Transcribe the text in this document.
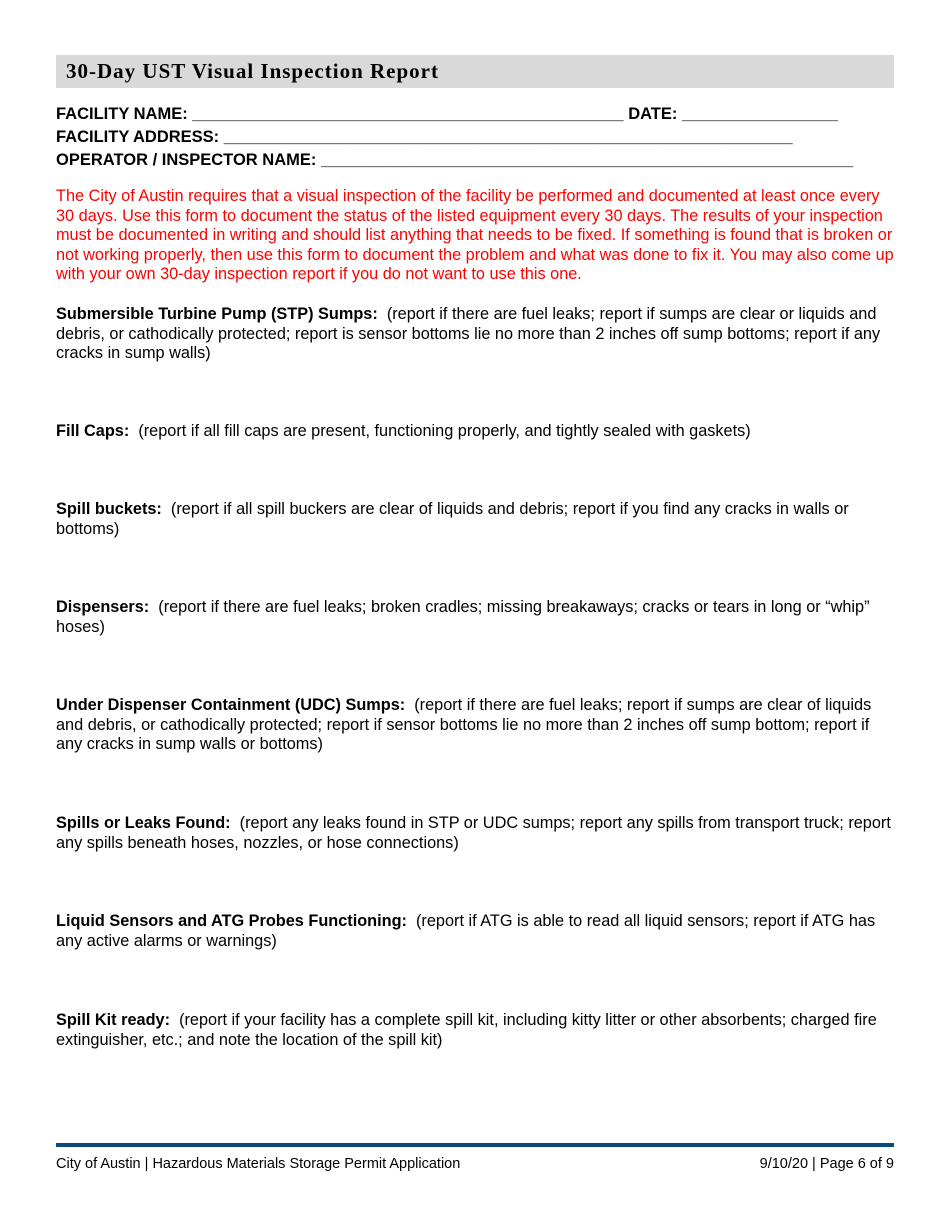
30-Day UST Visual Inspection Report
FACILITY NAME: _______________________________________________ DATE: _________________
FACILITY ADDRESS: ______________________________________________________________
OPERATOR / INSPECTOR NAME: __________________________________________________________

The City of Austin requires that a visual inspection of the facility be performed and documented at least once every 30 days. Use this form to document the status of the listed equipment every 30 days. The results of your inspection must be documented in writing and should list anything that needs to be fixed. If something is found that is broken or not working properly, then use this form to document the problem and what was done to fix it. You may also come up with your own 30-day inspection report if you do not want to use this one.

Submersible Turbine Pump (STP) Sumps: (report if there are fuel leaks; report if sumps are clear or liquids and debris, or cathodically protected; report is sensor bottoms lie no more than 2 inches off sump bottoms; report if any cracks in sump walls)

Fill Caps: (report if all fill caps are present, functioning properly, and tightly sealed with gaskets)

Spill buckets: (report if all spill buckers are clear of liquids and debris; report if you find any cracks in walls or bottoms)

Dispensers: (report if there are fuel leaks; broken cradles; missing breakaways; cracks or tears in long or “whip” hoses)

Under Dispenser Containment (UDC) Sumps: (report if there are fuel leaks; report if sumps are clear of liquids and debris, or cathodically protected; report if sensor bottoms lie no more than 2 inches off sump bottom; report if any cracks in sump walls or bottoms)

Spills or Leaks Found: (report any leaks found in STP or UDC sumps; report any spills from transport truck; report any spills beneath hoses, nozzles, or hose connections)

Liquid Sensors and ATG Probes Functioning: (report if ATG is able to read all liquid sensors; report if ATG has any active alarms or warnings)

Spill Kit ready: (report if your facility has a complete spill kit, including kitty litter or other absorbents; charged fire extinguisher, etc.; and note the location of the spill kit)

City of Austin | Hazardous Materials Storage Permit Application	9/10/20 | Page 6 of 9
